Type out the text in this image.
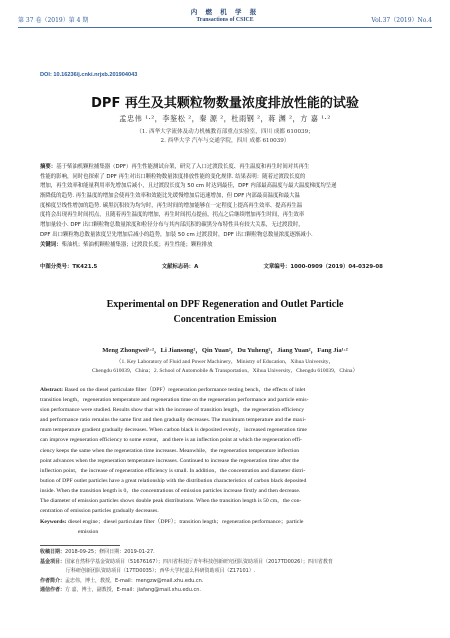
第 37 卷（2019）第 4 期
内 燃 机 学 报
Transactions of CSICE	Vol.37（2019）No.4
DOI: 10.16236/j.cnki.nrjxb.201904043
DPF 再生及其颗粒物数量浓度排放性能的试验
孟忠伟 ¹·²，李鉴松 ²，秦 源 ²，杜雨钢 ²，蒋 渊 ²，方 嘉 ¹·²
（1. 西华大学流体及动力机械教育部重点实验室，四川 成都 610039；
2. 西华大学 汽车与交通学院，四川 成都 610039）
摘要：基于柴油机颗粒捕集器（DPF）再生性能测试台架，研究了入口过渡段长度、再生温度和再生时间对其再生
性能的影响，同时也探索了 DPF 再生对出口颗粒物数量浓度排放性能的变化规律. 结果表明：随着过渡段长度的
增加，再生效率和能量利用率先增加后减小，且过渡段长度为 50 cm 时达到最佳，DPF 内部最高温度与最大温度梯度均呈递
渐降低的趋势. 再生温度的增加会使再生效率和效能比先缓慢增加后迅速增加，但 DPF 内部最高温度和最大温
度梯度呈线性增加的趋势. 碳黑沉积较为均匀时，再生时间的增加能够在一定程度上提高再生效率、提高再生温
度将会出现再生时间拐点，且随着再生温度的增加，再生时间拐点提前，拐点之后继续增加再生时间，再生效率
增加量较小. DPF 出口颗粒物总数量浓度和粒径分布与其内部沉积的碳黑分布特性具有较大关系，无过渡段时，
DPF 出口颗粒物总数量浓度呈先增加后减小的趋势，加装 50 cm 过渡段时，DPF 出口颗粒物总数量浓度逐渐减小.
关键词：柴油机；柴油机颗粒捕集器；过渡段长度；再生性能；颗粒排放
中图分类号：TK421.5	文献标志码：A	文章编号：1000-0909（2019）04-0329-08
Experimental on DPF Regeneration and Outlet Particle
Concentration Emission
Meng Zhongwei¹·²，Li Jiansong²，Qin Yuan²，Du Yuheng²，Jiang Yuan²，Fang Jia¹·²
（1. Key Laboratory of Fluid and Power Machinery，Ministry of Education，Xihua University，
Chengdu 610039，China；2. School of Automobile & Transportation，Xihua University，Chengdu 610039，China）
Abstract: Based on the diesel particulate filter（DPF）regeneration performance testing bench，the effects of inlet
transition length，regeneration temperature and regeneration time on the regeneration performance and particle emis-
sion performance were studied. Results show that with the increase of transition length，the regeneration efficiency
and performance ratio remains the same first and then gradually decreases. The maximum temperature and the maxi-
mum temperature gradient gradually decreases. When carbon black is deposited evenly，increased regeneration time
can improve regeneration efficiency to some extent，and there is an inflection point at which the regeneration effi-
ciency keeps the same when the regeneration time increases. Meanwhile，the regeneration temperature inflection
point advances when the regeneration temperature increases. Continued to increase the regeneration time after the
inflection point，the increase of regeneration efficiency is small. In addition，the concentration and diameter distri-
bution of DPF outlet particles have a great relationship with the distribution characteristics of carbon black deposited
inside. When the transition length is 0，the concentrations of emission particles increase firstly and then decrease.
The diameter of emission particles shows double peak distributions. When the transition length is 50 cm，the con-
centration of emission particles gradually decreases.
Keywords: diesel engine；diesel particulate filter（DPF）；transition length；regeneration performance；particle
emission
收稿日期：2018-09-25；修回日期：2019-01-27.
基金项目：国家自然科学基金资助项目（51676167）；四川省科技厅青年科技创新研究团队资助项目（2017TD0026）；四川省教育
厅科研创新团队资助项目（17TD0035）；西华大学杞嘉么科研资助项目（Z17101）.
作者简介：孟忠伟，博士，教授，E-mail：mengzw@mail.xhu.edu.cn.
通信作者：方 嘉，博士，副教授，E-mail：jiafang@mail.xhu.edu.cn.
